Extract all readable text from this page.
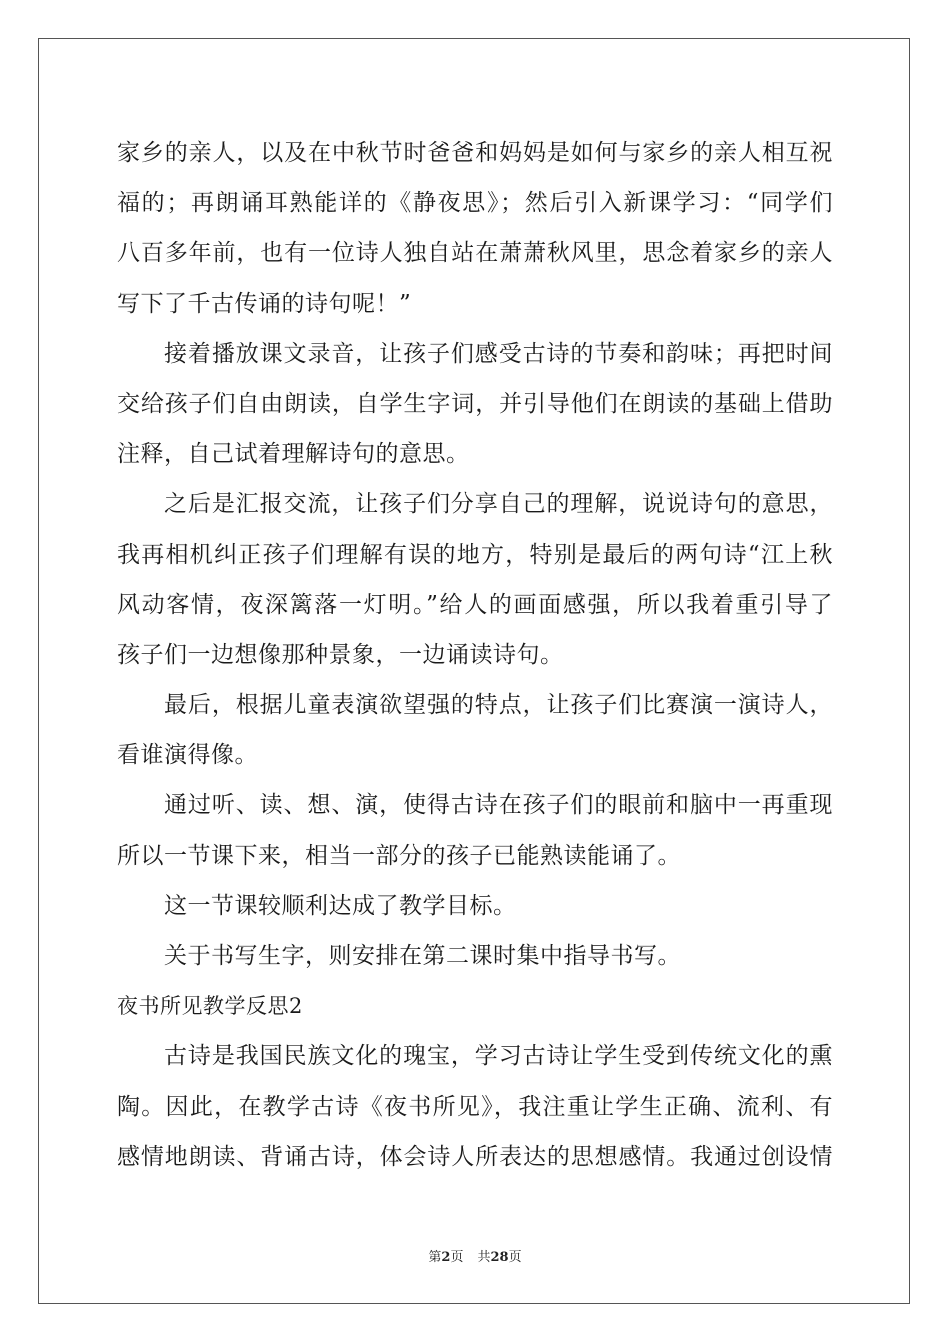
家乡的亲人，以及在中秋节时爸爸和妈妈是如何与家乡的亲人相互祝
福的；再朗诵耳熟能详的《静夜思》；然后引入新课学习：“同学们
八百多年前，也有一位诗人独自站在萧萧秋风里，思念着家乡的亲人
写下了千古传诵的诗句呢！”
接着播放课文录音，让孩子们感受古诗的节奏和韵味；再把时间
交给孩子们自由朗读，自学生字词，并引导他们在朗读的基础上借助
注释，自己试着理解诗句的意思。
之后是汇报交流，让孩子们分享自己的理解，说说诗句的意思，
我再相机纠正孩子们理解有误的地方，特别是最后的两句诗“江上秋
风动客情，夜深篱落一灯明。”给人的画面感强，所以我着重引导了
孩子们一边想像那种景象，一边诵读诗句。
最后，根据儿童表演欲望强的特点，让孩子们比赛演一演诗人，
看谁演得像。
通过听、读、想、演，使得古诗在孩子们的眼前和脑中一再重现
所以一节课下来，相当一部分的孩子已能熟读能诵了。
这一节课较顺利达成了教学目标。
关于书写生字，则安排在第二课时集中指导书写。
夜书所见教学反思2
古诗是我国民族文化的瑰宝，学习古诗让学生受到传统文化的熏
陶。因此，在教学古诗《夜书所见》，我注重让学生正确、流利、有
感情地朗读、背诵古诗，体会诗人所表达的思想感情。我通过创设情
第2页 共28页
